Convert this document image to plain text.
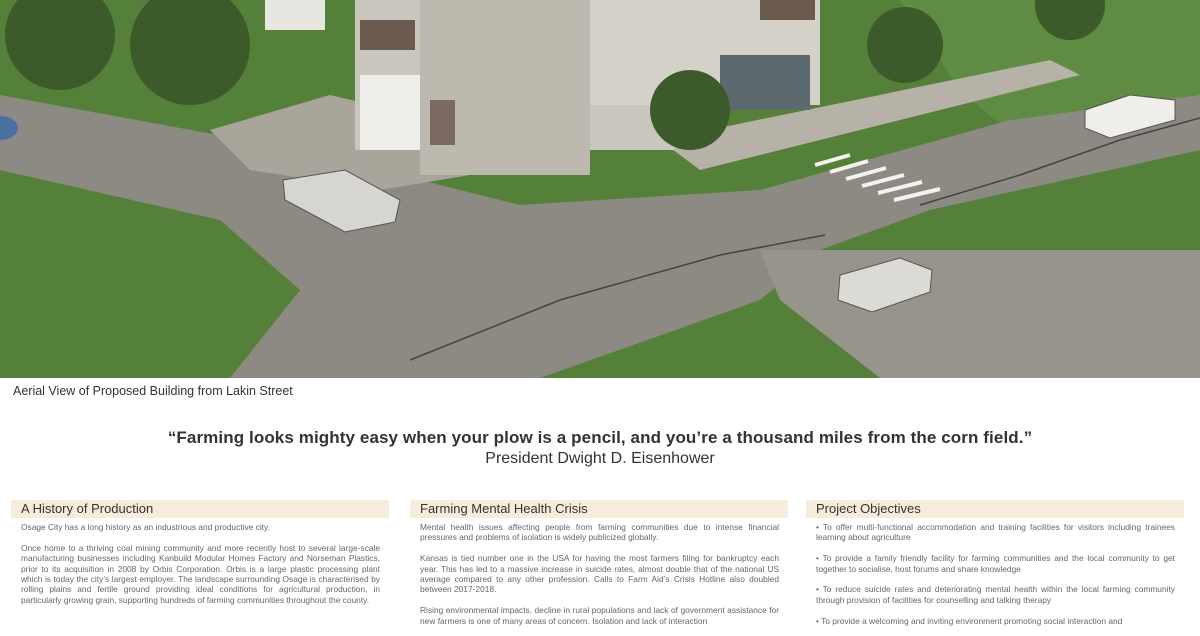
Aerial View of Proposed Building from Lakin Street
“Farming looks mighty easy when your plow is a pencil, and you’re a thousand miles from the corn field.”
President Dwight D. Eisenhower
A History of Production

Osage City has a long history as an industrious and productive city.

Once home to a thriving coal mining community and more recently host to several large-scale manufacturing businesses including Kanbuild Modular Homes Factory and Norseman Plastics, prior to its acquisition in 2008 by Orbis Corporation. Orbis is a large plastic processing plant which is today the city’s largest employer. The landscape surrounding Osage is characterised by rolling plains and fertile ground providing ideal conditions for agricultural production, in particularly growing grain, supporting hundreds of farming communities throughout the county.

Farming Mental Health Crisis

Mental health issues affecting people from farming communities due to intense financial pressures and problems of isolation is widely publicized globally.

Kansas is tied number one in the USA for having the most farmers filing for bankruptcy each year. This has led to a massive increase in suicide rates, almost double that of the national US average compared to any other profession. Calls to Farm Aid’s Crisis Hotline also doubled between 2017-2018.

Rising environmental impacts, decline in rural populations and lack of government assistance for new farmers is one of many areas of concern. Isolation and lack of interaction

Project Objectives

• To offer multi-functional accommodation and training facilities for visitors including trainees learning about agriculture

• To provide a family friendly facility for farming communities and the local community to get together to socialise, host forums and share knowledge

• To reduce suicide rates and deteriorating mental health within the local farming community through provision of facilities for counselling and talking therapy

• To provide a welcoming and inviting environment promoting social interaction and
